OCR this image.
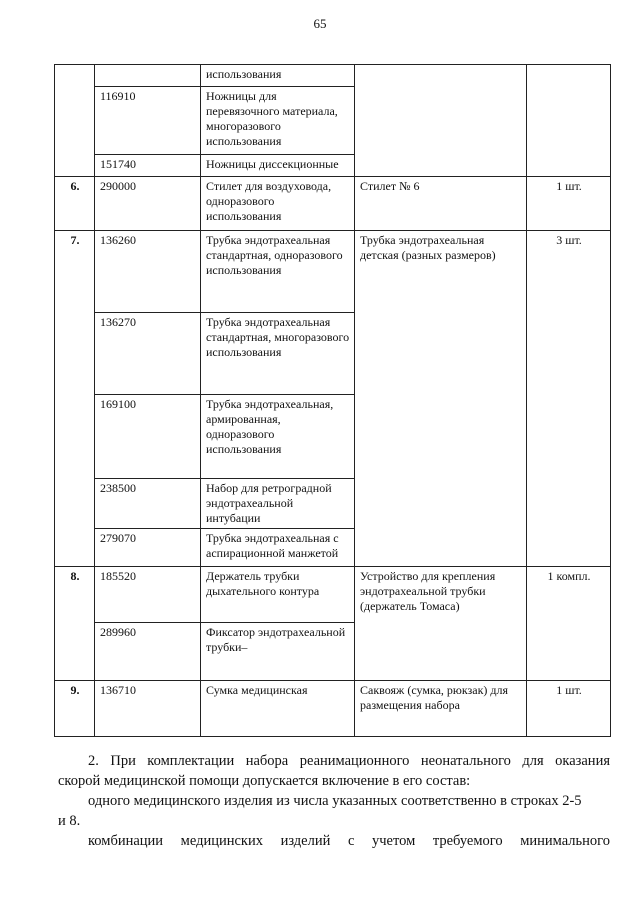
65
		использования		
	116910	Ножницы для перевязочного материала, многоразового использования		
	151740	Ножницы диссекционные		
6.	290000	Стилет для воздуховода, одноразового использования	Стилет № 6	1 шт.
7.	136260	Трубка эндотрахеальная стандартная, одноразового использования	Трубка эндотрахеальная детская (разных размеров)	3 шт.
	136270	Трубка эндотрахеальная стандартная, многоразового использования		
	169100	Трубка эндотрахеальная, армированная, одноразового использования		
	238500	Набор для ретроградной эндотрахеальной интубации		
	279070	Трубка эндотрахеальная с аспирационной манжетой		
8.	185520	Держатель трубки дыхательного контура	Устройство для крепления эндотрахеальной трубки (держатель Томаса)	1 компл.
	289960	Фиксатор эндотрахеальной трубки–		
9.	136710	Сумка медицинская	Саквояж (сумка, рюкзак) для размещения набора	1 шт.

2. При комплектации набора реанимационного неонатального для оказания

скорой медицинской помощи допускается включение в его состав:

одного медицинского изделия из числа указанных соответственно в строках 2-5

и 8.

комбинации медицинских изделий с учетом требуемого минимального
